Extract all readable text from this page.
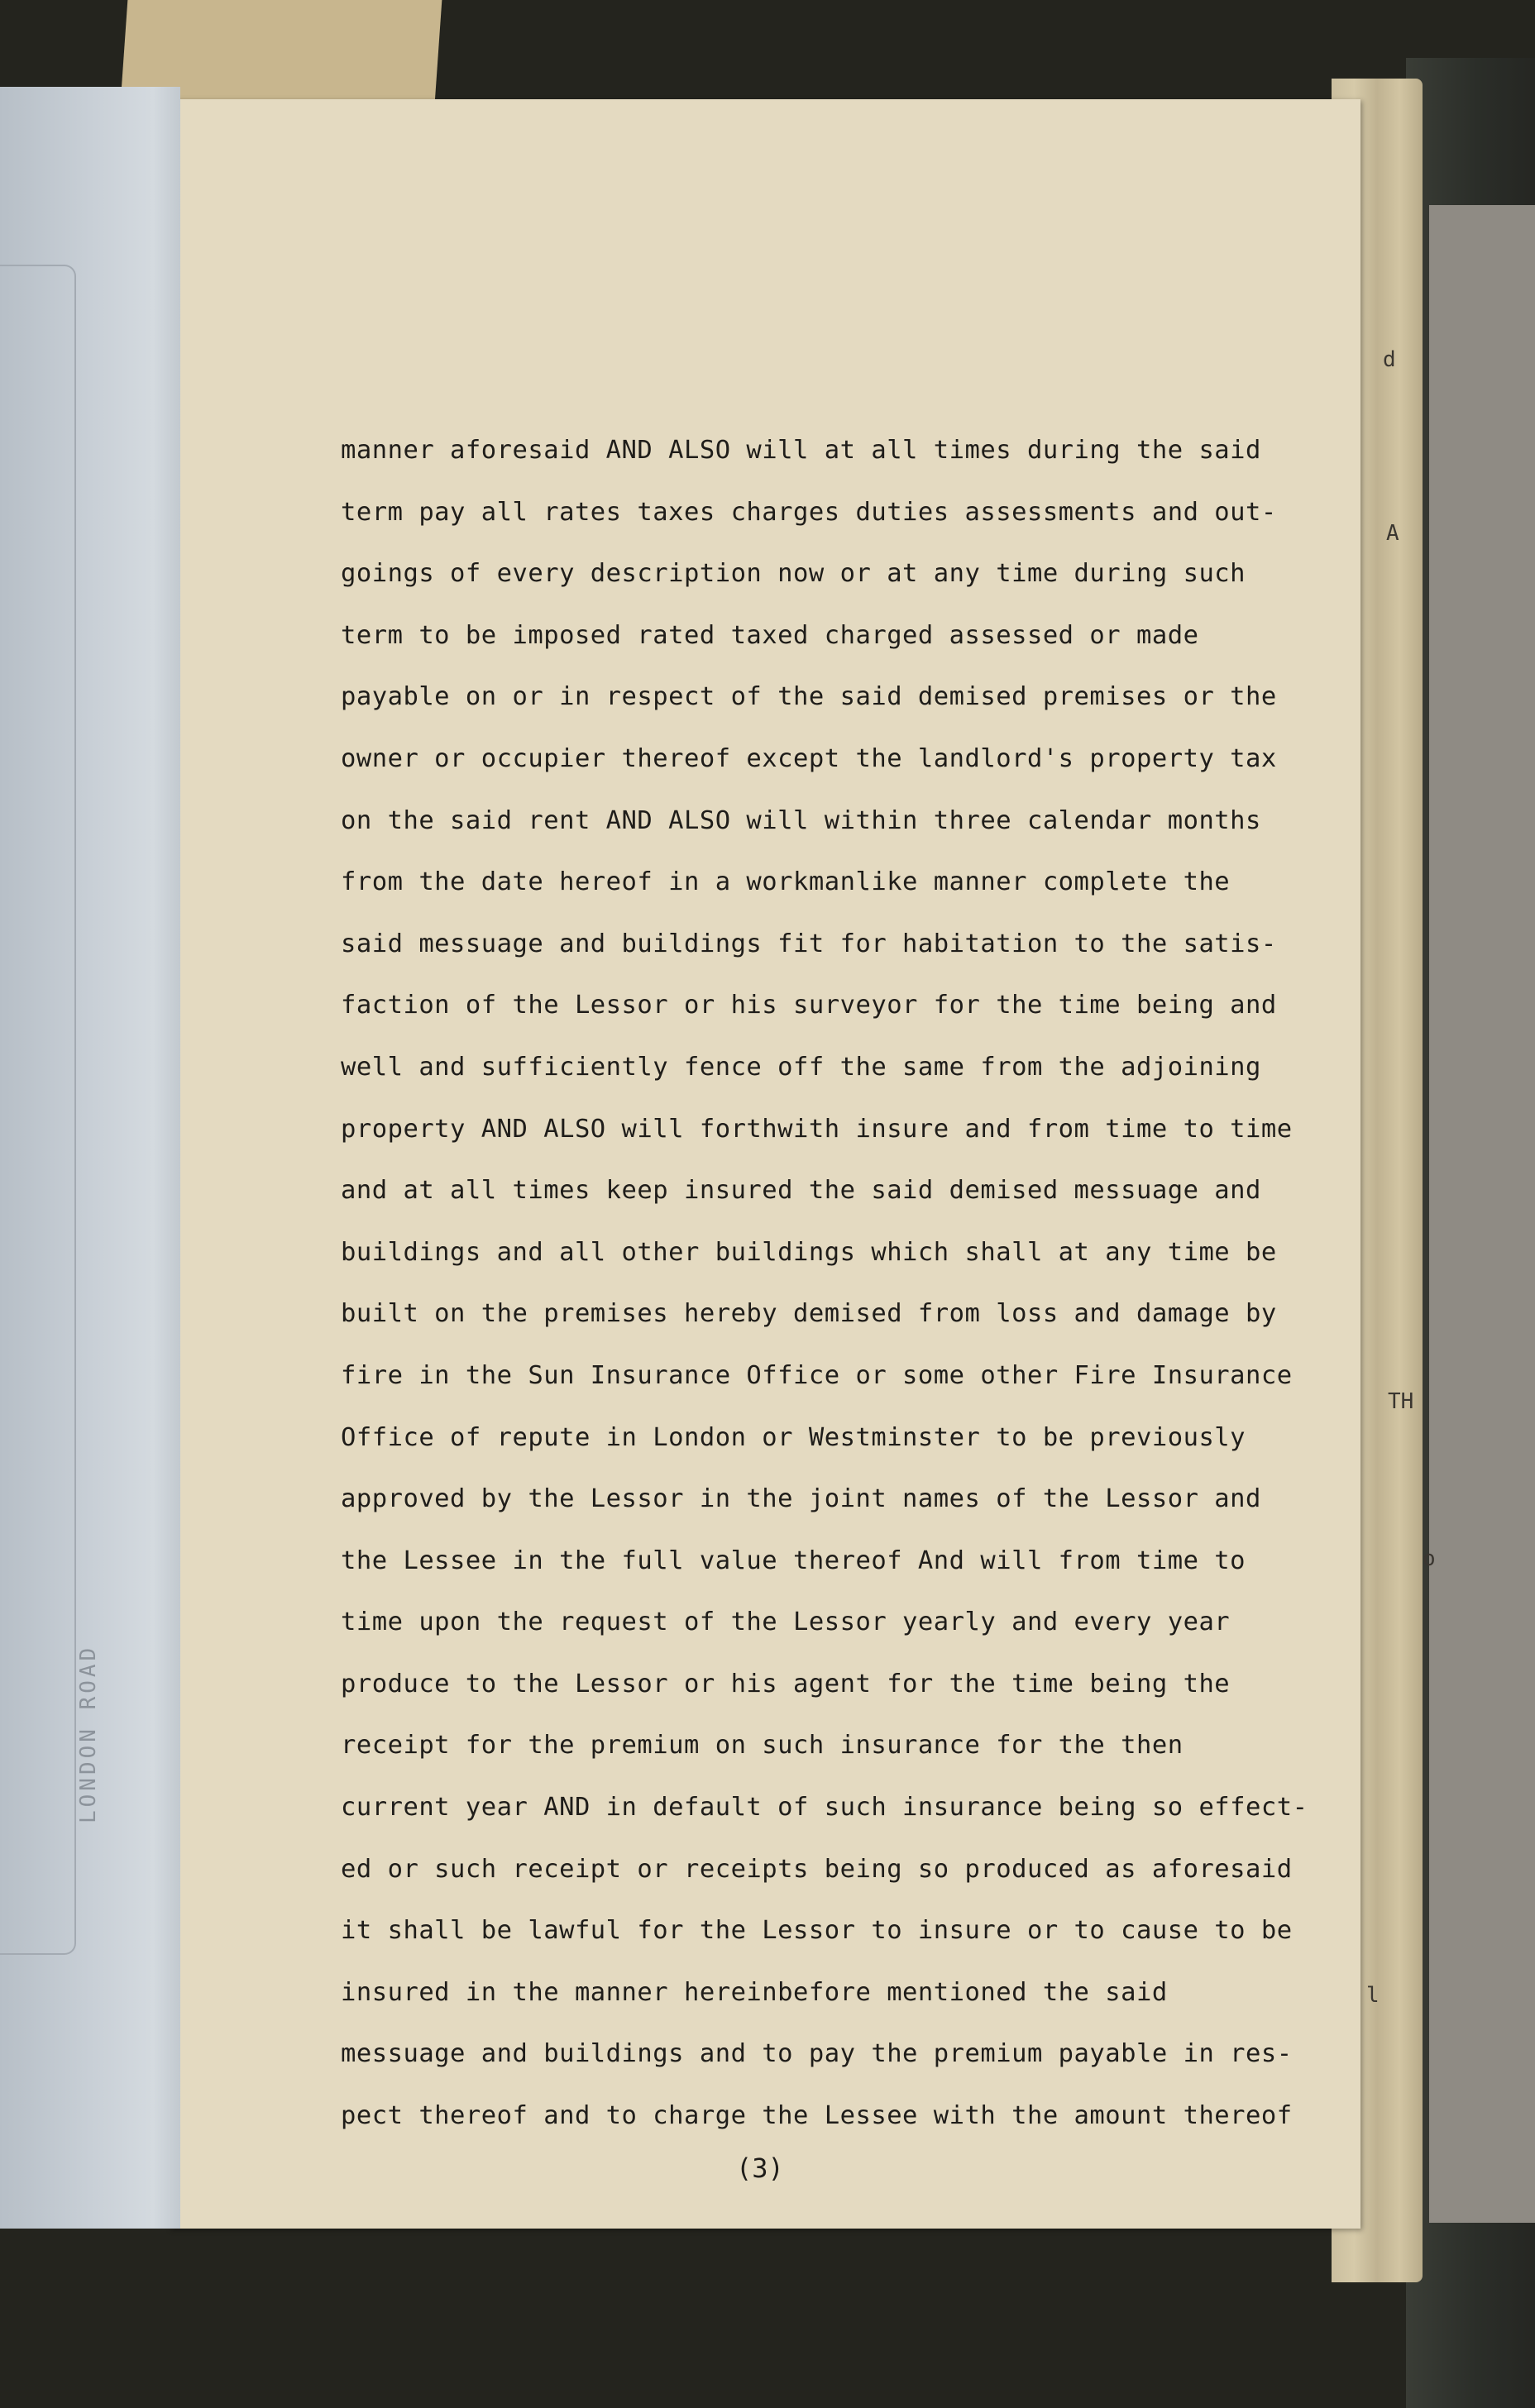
d
A
TH
o
l
LONDON ROAD
manner aforesaid AND ALSO will at all times during the said
term pay all rates taxes charges duties assessments and out-
goings of every description now or at any time during such
term to be imposed rated taxed charged assessed or made
payable on or in respect of the said demised premises or the
owner or occupier thereof except the landlord's property tax
on the said rent AND ALSO will within three calendar months
from the date hereof in a workmanlike manner complete the
said messuage and buildings fit for habitation to the satis-
faction of the Lessor or his surveyor for the time being and
well and sufficiently fence off the same from the adjoining
property AND ALSO will forthwith insure and from time to time
and at all times keep insured the said demised messuage and
buildings and all other buildings which shall at any time be
built on the premises hereby demised from loss and damage by
fire in the Sun Insurance Office or some other Fire Insurance
Office of repute in London or Westminster to be previously
approved by the Lessor in the joint names of the Lessor and
the Lessee in the full value thereof And will from time to
time upon the request of the Lessor yearly and every year
produce to the Lessor or his agent for the time being the
receipt for the premium on such insurance for the then
current year AND in default of such insurance being so effect-
ed or such receipt or receipts being so produced as aforesaid
it shall be lawful for the Lessor to insure or to cause to be
insured in the manner hereinbefore mentioned the said
messuage and buildings and to pay the premium payable in res-
pect thereof and to charge the Lessee with the amount thereof
(3)
